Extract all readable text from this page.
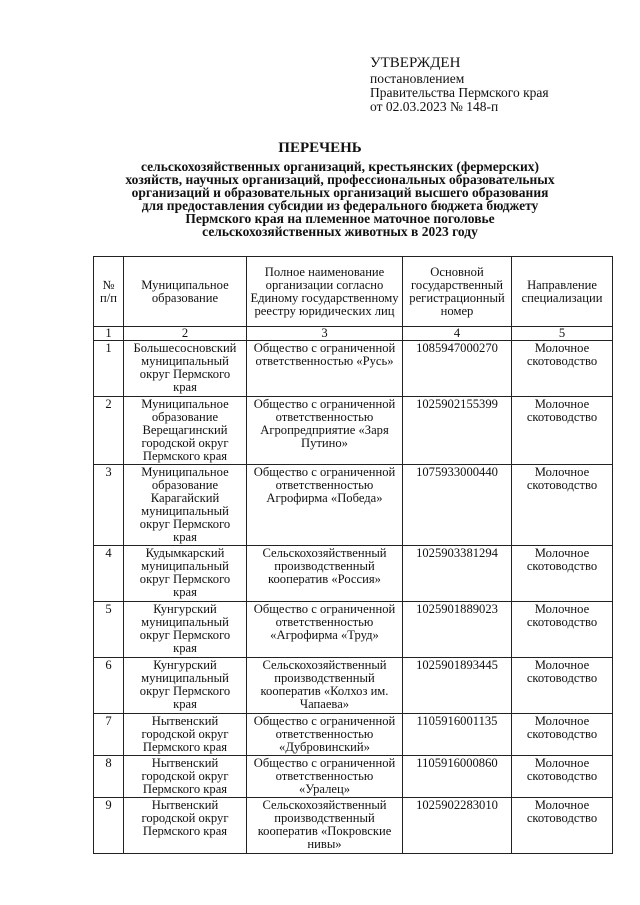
УТВЕРЖДЕН
постановлением
Правительства Пермского края
от 02.03.2023 № 148-п
ПЕРЕЧЕНЬ
сельскохозяйственных организаций, крестьянских (фермерских)
хозяйств, научных организаций, профессиональных образовательных
организаций и образовательных организаций высшего образования
для предоставления субсидии из федерального бюджета бюджету
Пермского края на племенное маточное поголовье
сельскохозяйственных животных в 2023 году
№ п/п	Муниципальное образование	Полное наименование организации согласно Единому государственному реестру юридических лиц	Основной государственный регистрационный номер	Направление специализации
1	2	3	4	5
1	Большесосновский муниципальный округ Пермского края	Общество с ограниченной ответственностью «Русь»	1085947000270	Молочное скотоводство
2	Муниципальное образование Верещагинский городской округ Пермского края	Общество с ограниченной ответственностью Агропредприятие «Заря Путино»	1025902155399	Молочное скотоводство
3	Муниципальное образование Карагайский муниципальный округ Пермского края	Общество с ограниченной ответственностью Агрофирма «Победа»	1075933000440	Молочное скотоводство
4	Кудымкарский муниципальный округ Пермского края	Сельскохозяйственный производственный кооператив «Россия»	1025903381294	Молочное скотоводство
5	Кунгурский муниципальный округ Пермского края	Общество с ограниченной ответственностью «Агрофирма «Труд»	1025901889023	Молочное скотоводство
6	Кунгурский муниципальный округ Пермского края	Сельскохозяйственный производственный кооператив «Колхоз им. Чапаева»	1025901893445	Молочное скотоводство
7	Нытвенский городской округ Пермского края	Общество с ограниченной ответственностью «Дубровинский»	1105916001135	Молочное скотоводство
8	Нытвенский городской округ Пермского края	Общество с ограниченной ответственностью «Уралец»	1105916000860	Молочное скотоводство
9	Нытвенский городской округ Пермского края	Сельскохозяйственный производственный кооператив «Покровские нивы»	1025902283010	Молочное скотоводство
